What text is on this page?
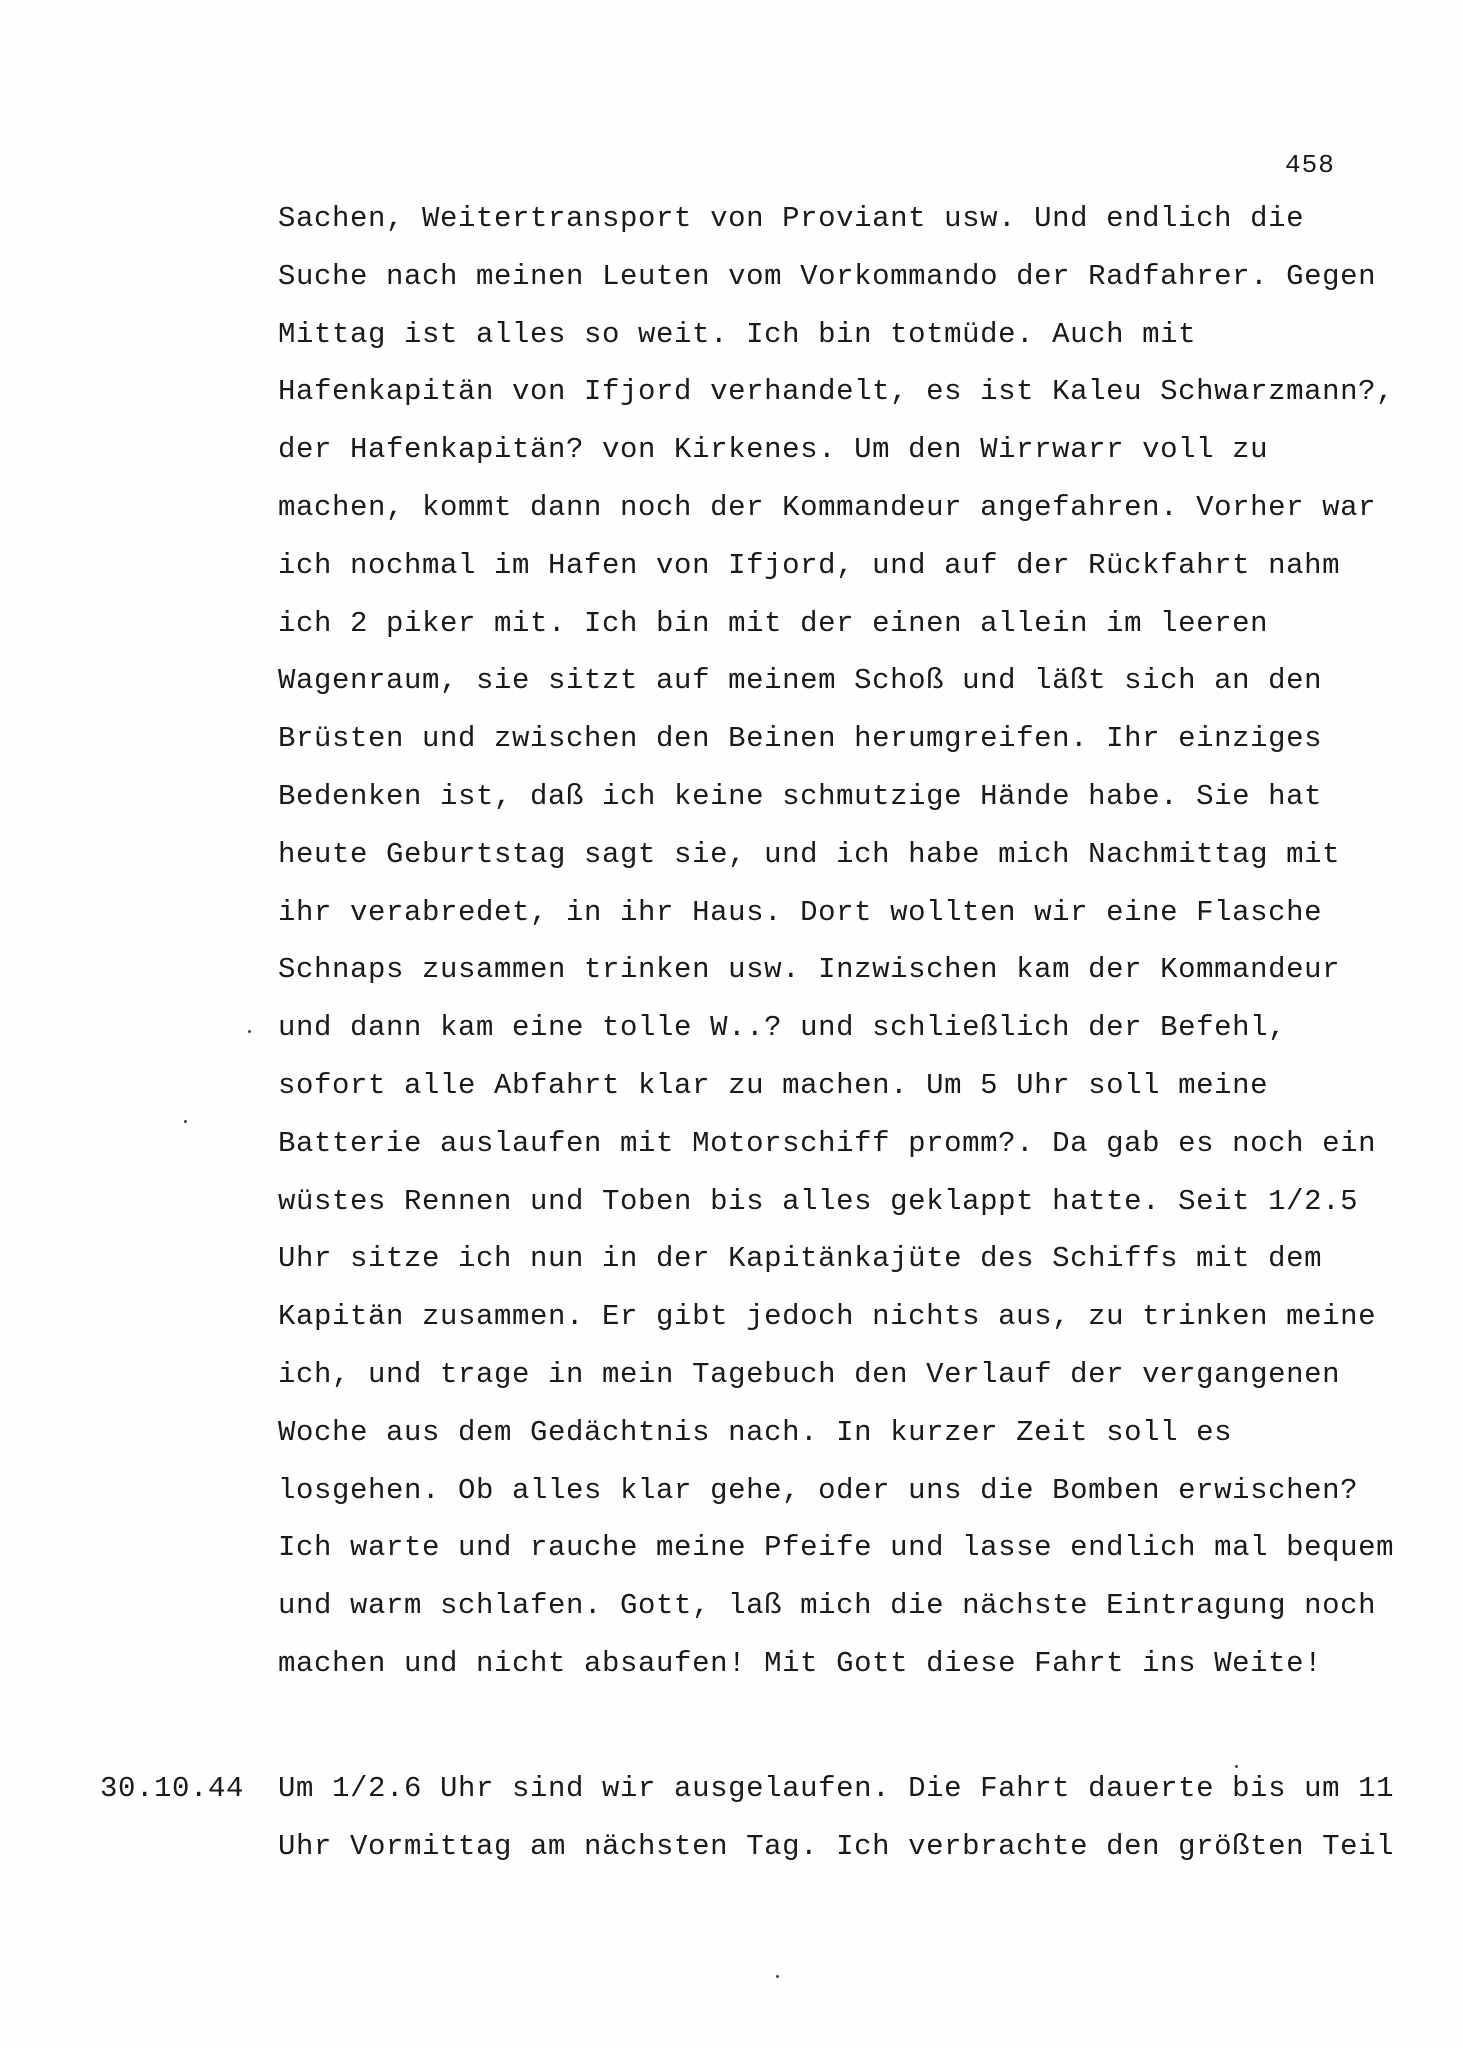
458
Sachen, Weitertransport von Proviant usw. Und endlich die
Suche nach meinen Leuten vom Vorkommando der Radfahrer. Gegen
Mittag ist alles so weit. Ich bin totmüde. Auch mit
Hafenkapitän von Ifjord verhandelt, es ist Kaleu Schwarzmann?,
der Hafenkapitän? von Kirkenes. Um den Wirrwarr voll zu
machen, kommt dann noch der Kommandeur angefahren. Vorher war
ich nochmal im Hafen von Ifjord, und auf der Rückfahrt nahm
ich 2 piker mit. Ich bin mit der einen allein im leeren
Wagenraum, sie sitzt auf meinem Schoß und läßt sich an den
Brüsten und zwischen den Beinen herumgreifen. Ihr einziges
Bedenken ist, daß ich keine schmutzige Hände habe. Sie hat
heute Geburtstag sagt sie, und ich habe mich Nachmittag mit
ihr verabredet, in ihr Haus. Dort wollten wir eine Flasche
Schnaps zusammen trinken usw. Inzwischen kam der Kommandeur
und dann kam eine tolle W..? und schließlich der Befehl,
sofort alle Abfahrt klar zu machen. Um 5 Uhr soll meine
Batterie auslaufen mit Motorschiff promm?. Da gab es noch ein
wüstes Rennen und Toben bis alles geklappt hatte. Seit 1/2.5
Uhr sitze ich nun in der Kapitänkajüte des Schiffs mit dem
Kapitän zusammen. Er gibt jedoch nichts aus, zu trinken meine
ich, und trage in mein Tagebuch den Verlauf der vergangenen
Woche aus dem Gedächtnis nach. In kurzer Zeit soll es
losgehen. Ob alles klar gehe, oder uns die Bomben erwischen?
Ich warte und rauche meine Pfeife und lasse endlich mal bequem
und warm schlafen. Gott, laß mich die nächste Eintragung noch
machen und nicht absaufen! Mit Gott diese Fahrt ins Weite!
30.10.44 Um 1/2.6 Uhr sind wir ausgelaufen. Die Fahrt dauerte bis um 11
Uhr Vormittag am nächsten Tag. Ich verbrachte den größten Teil
